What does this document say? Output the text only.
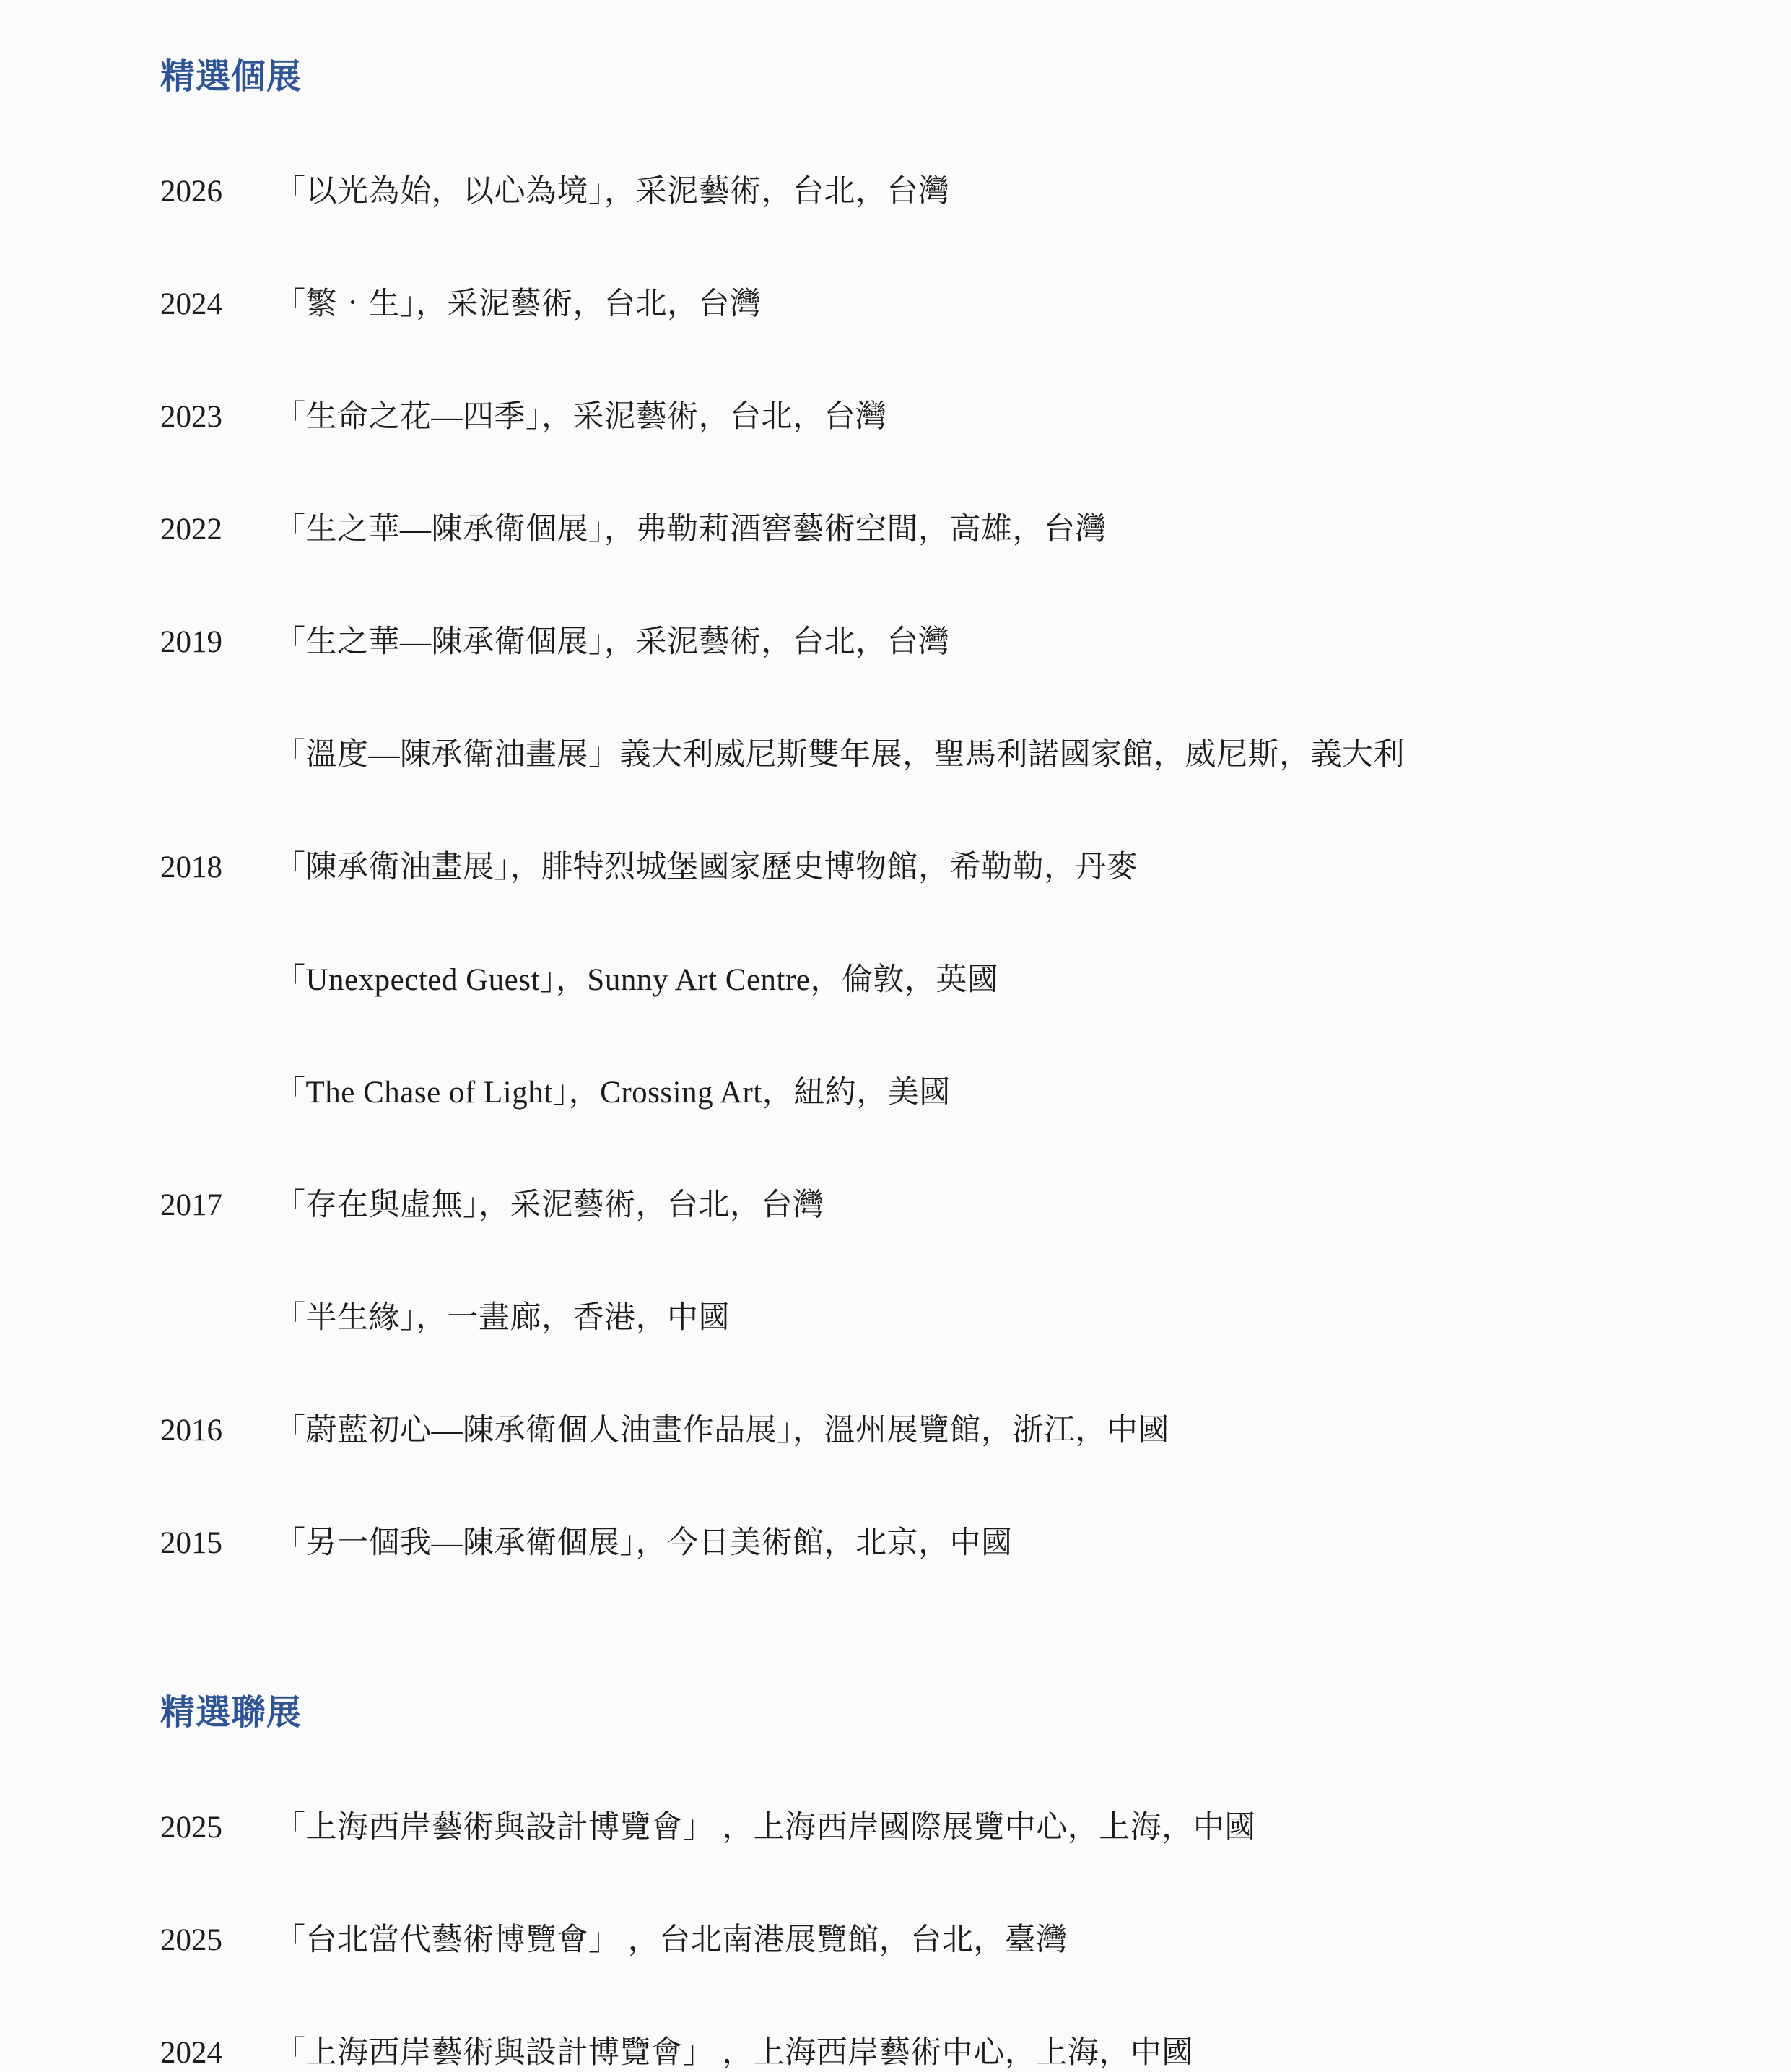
精選個展
2026	「以光為始，以心為境」，采泥藝術，台北，台灣
2024	「繁‧生」，采泥藝術，台北，台灣
2023	「生命之花—四季」，采泥藝術，台北，台灣
2022	「生之華—陳承衛個展」，弗勒莉酒窖藝術空間，高雄，台灣
2019	「生之華—陳承衛個展」，采泥藝術，台北，台灣
「溫度—陳承衛油畫展」義大利威尼斯雙年展，聖馬利諾國家館，威尼斯，義大利
2018	「陳承衛油畫展」，腓特烈城堡國家歷史博物館，希勒勒，丹麥
「Unexpected Guest」，Sunny Art Centre，倫敦，英國
「The Chase of Light」，Crossing Art，紐約，美國
2017	「存在與虛無」，采泥藝術，台北，台灣
「半生緣」，一畫廊，香港，中國
2016	「蔚藍初心—陳承衛個人油畫作品展」，溫州展覽館，浙江，中國
2015	「另一個我—陳承衛個展」，今日美術館，北京，中國
精選聯展
2025	「上海西岸藝術與設計博覽會」 ，上海西岸國際展覽中心，上海，中國
2025	「台北當代藝術博覽會」 ，台北南港展覽館，台北，臺灣
2024	「上海西岸藝術與設計博覽會」 ，上海西岸藝術中心，上海，中國
